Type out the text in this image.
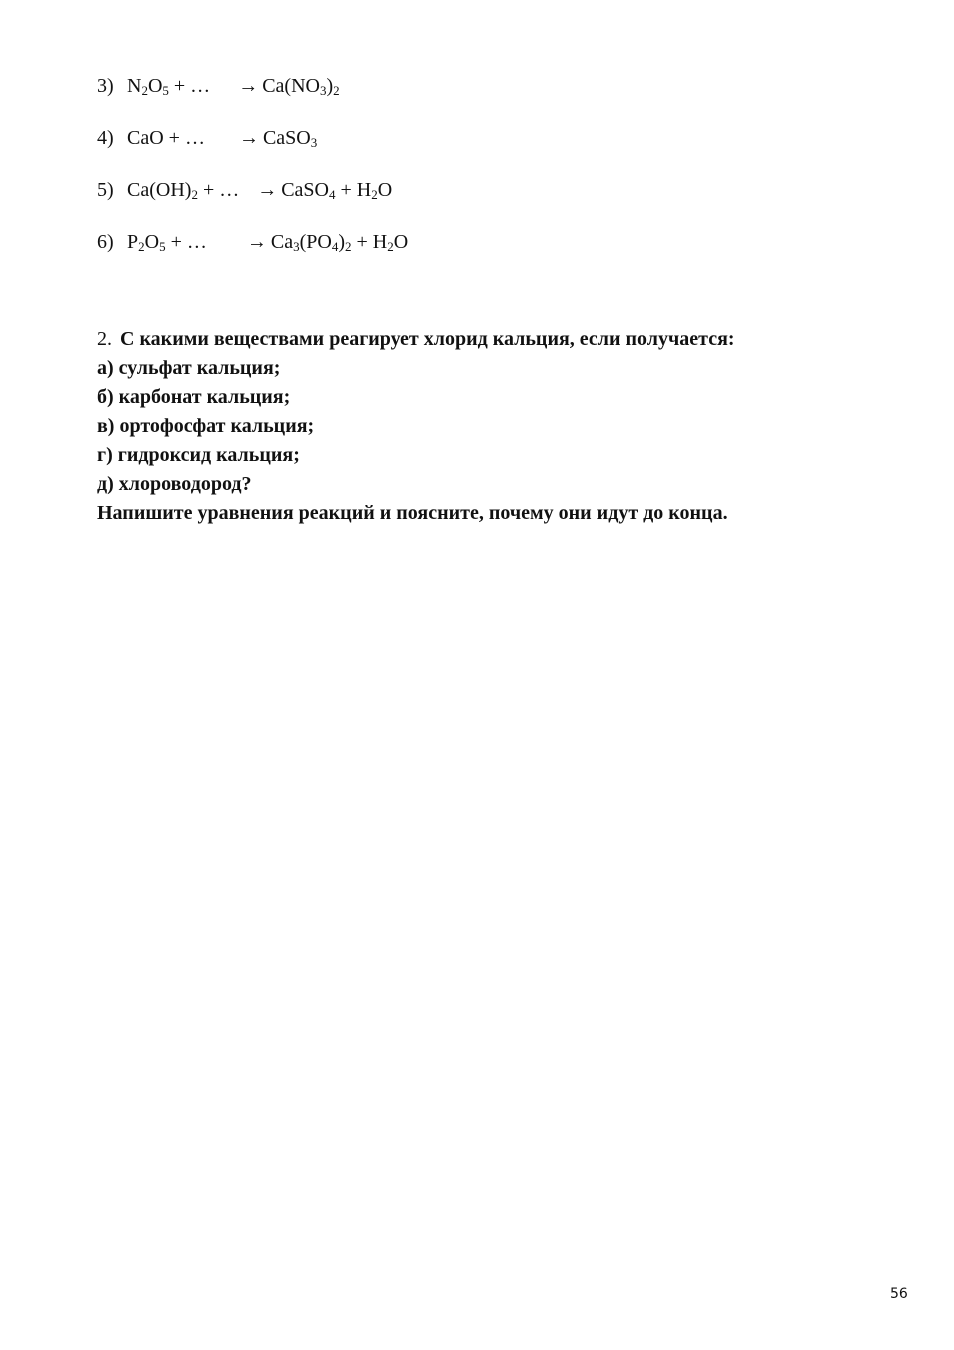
3) $N_2O_5$ + … → $Ca(NO_3)_2$
4) CaO + … → CaSO$_3$
5) $Ca(OH)_2$ + … → CaSO$_4$ + $H_2O$
6) $P_2O_5$ + … → $Ca_3(PO_4)_2 + H_2O$
2. С какими веществами реагирует хлорид кальция, если получается:
а) сульфат кальция;
б) карбонат кальция;
в) ортофосфат кальция;
г) гидроксид кальция;
д) хлороводород?
Напишите уравнения реакций и поясните, почему они идут до конца.
56
